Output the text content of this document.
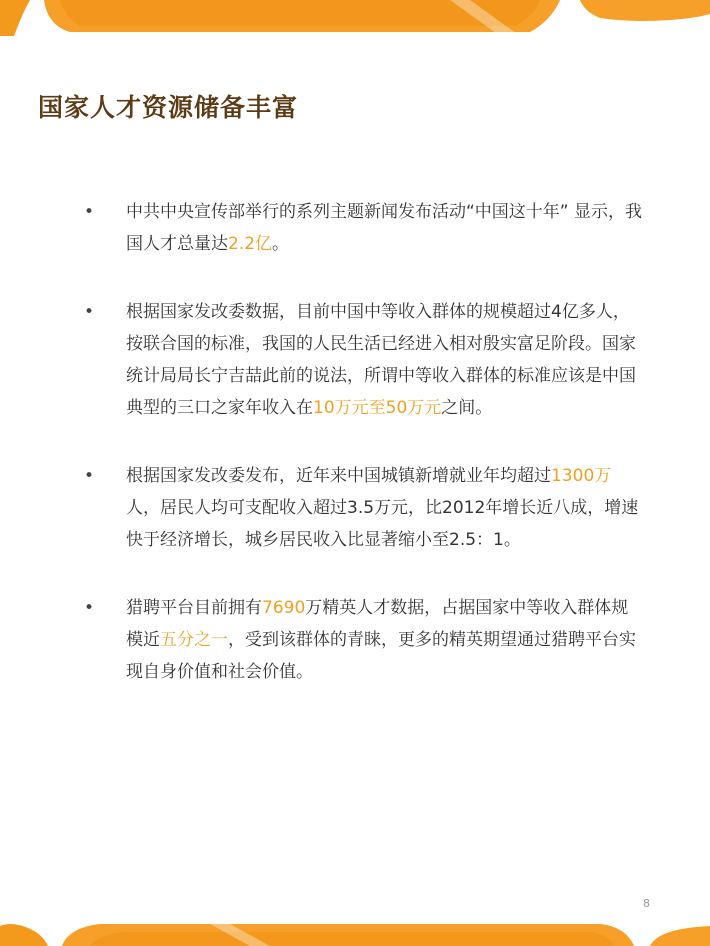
国家人才资源储备丰富
• 中共中央宣传部举行的系列主题新闻发布活动“中国这十年” 显示，我国人才总量达2.2亿。
• 根据国家发改委数据，目前中国中等收入群体的规模超过4亿多人，按联合国的标准，我国的人民生活已经进入相对殷实富足阶段。国家统计局局长宁吉喆此前的说法，所谓中等收入群体的标准应该是中国典型的三口之家年收入在10万元至50万元之间。
• 根据国家发改委发布，近年来中国城镇新增就业年均超过1300万人，居民人均可支配收入超过3.5万元，比2012年增长近八成，增速快于经济增长，城乡居民收入比显著缩小至2.5：1。
• 猎聘平台目前拥有7690万精英人才数据，占据国家中等收入群体规模近五分之一，受到该群体的青睐，更多的精英期望通过猎聘平台实现自身价值和社会价值。
8
